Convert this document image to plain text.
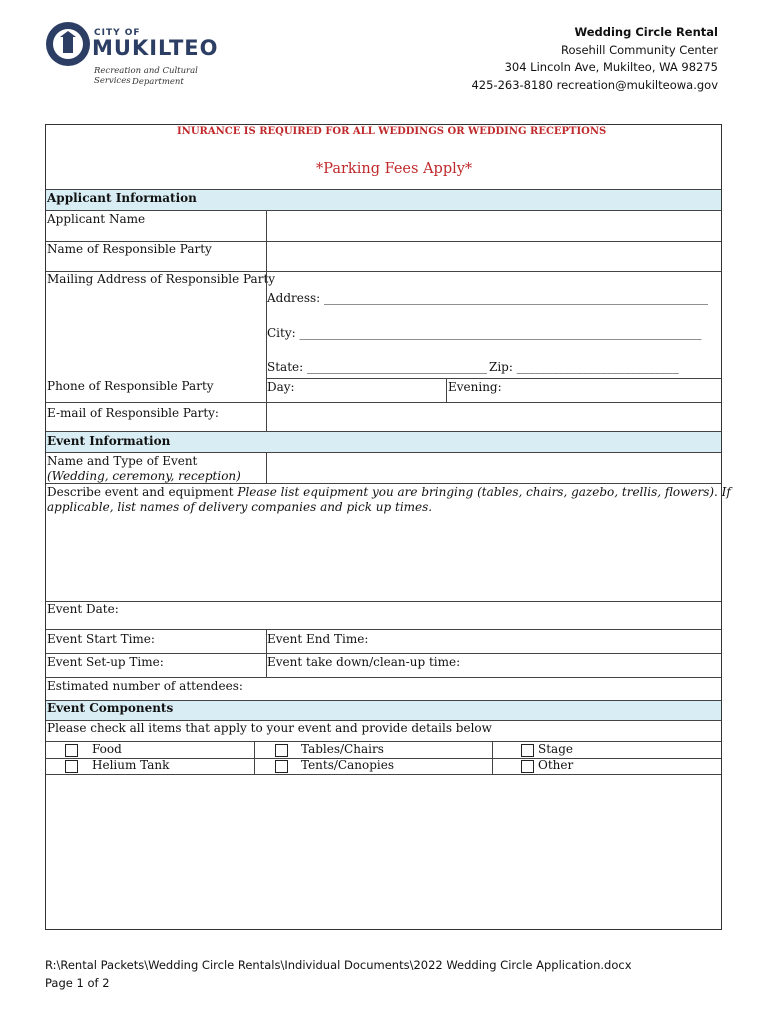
CITY OF
MUKILTEO
Recreation and Cultural Services Department
Wedding Circle Rental
Rosehill Community Center
304 Lincoln Ave, Mukilteo, WA 98275
425-263-8180 recreation@mukilteowa.gov
INURANCE IS REQUIRED FOR ALL WEDDINGS OR WEDDING RECEPTIONS
*Parking Fees Apply*
Applicant Information
Applicant Name
Name of Responsible Party
Mailing Address of Responsible Party
Address: ________________________________________________________________
City: ___________________________________________________________________
State: ______________________________ Zip: ___________________________
Phone of Responsible Party	Day:	Evening:
E-mail of Responsible Party:
Event Information
Name and Type of Event
(Wedding, ceremony, reception)
Describe event and equipment Please list equipment you are bringing (tables, chairs, gazebo, trellis, flowers). If
applicable, list names of delivery companies and pick up times.
Event Date:
Event Start Time:	Event End Time:
Event Set-up Time:	Event take down/clean-up time:
Estimated number of attendees:
Event Components
Please check all items that apply to your event and provide details below
Food	Tables/Chairs	Stage
Helium Tank	Tents/Canopies	Other
R:\Rental Packets\Wedding Circle Rentals\Individual Documents\2022 Wedding Circle Application.docx
Page 1 of 2
